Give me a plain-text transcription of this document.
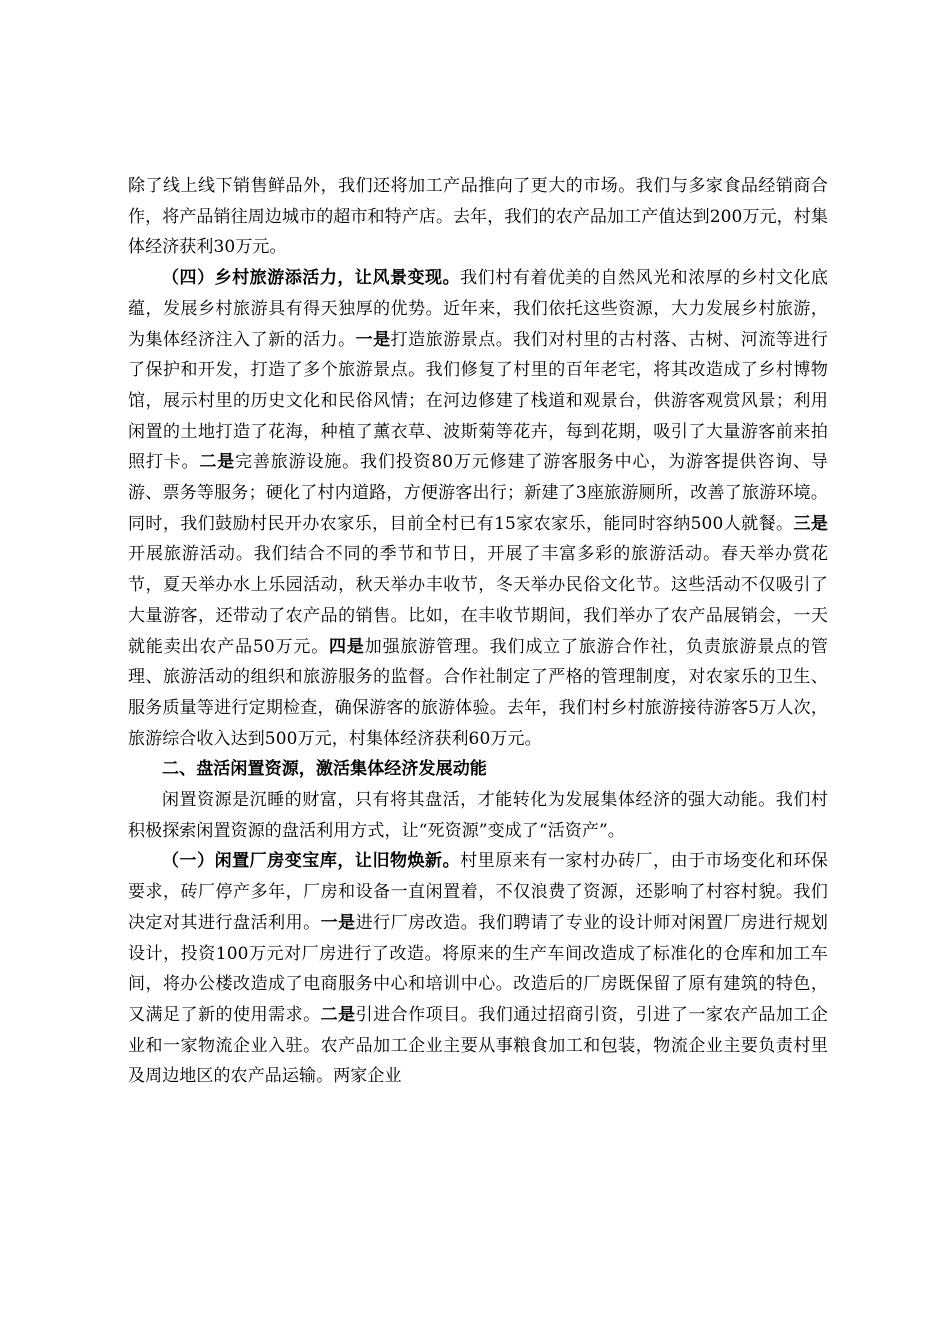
除了线上线下销售鲜品外，我们还将加工产品推向了更大的市场。我们与多家食品经销商合作，将产品销往周边城市的超市和特产店。去年，我们的农产品加工产值达到200万元，村集体经济获利30万元。

（四）乡村旅游添活力，让风景变现。我们村有着优美的自然风光和浓厚的乡村文化底蕴，发展乡村旅游具有得天独厚的优势。近年来，我们依托这些资源，大力发展乡村旅游，为集体经济注入了新的活力。一是打造旅游景点。我们对村里的古村落、古树、河流等进行了保护和开发，打造了多个旅游景点。我们修复了村里的百年老宅，将其改造成了乡村博物馆，展示村里的历史文化和民俗风情；在河边修建了栈道和观景台，供游客观赏风景；利用闲置的土地打造了花海，种植了薰衣草、波斯菊等花卉，每到花期，吸引了大量游客前来拍照打卡。二是完善旅游设施。我们投资80万元修建了游客服务中心，为游客提供咨询、导游、票务等服务；硬化了村内道路，方便游客出行；新建了3座旅游厕所，改善了旅游环境。同时，我们鼓励村民开办农家乐，目前全村已有15家农家乐，能同时容纳500人就餐。三是开展旅游活动。我们结合不同的季节和节日，开展了丰富多彩的旅游活动。春天举办赏花节，夏天举办水上乐园活动，秋天举办丰收节，冬天举办民俗文化节。这些活动不仅吸引了大量游客，还带动了农产品的销售。比如，在丰收节期间，我们举办了农产品展销会，一天就能卖出农产品50万元。四是加强旅游管理。我们成立了旅游合作社，负责旅游景点的管理、旅游活动的组织和旅游服务的监督。合作社制定了严格的管理制度，对农家乐的卫生、服务质量等进行定期检查，确保游客的旅游体验。去年，我们村乡村旅游接待游客5万人次，旅游综合收入达到500万元，村集体经济获利60万元。

二、盘活闲置资源，激活集体经济发展动能

闲置资源是沉睡的财富，只有将其盘活，才能转化为发展集体经济的强大动能。我们村积极探索闲置资源的盘活利用方式，让“死资源”变成了“活资产”。

（一）闲置厂房变宝库，让旧物焕新。村里原来有一家村办砖厂，由于市场变化和环保要求，砖厂停产多年，厂房和设备一直闲置着，不仅浪费了资源，还影响了村容村貌。我们决定对其进行盘活利用。一是进行厂房改造。我们聘请了专业的设计师对闲置厂房进行规划设计，投资100万元对厂房进行了改造。将原来的生产车间改造成了标准化的仓库和加工车间，将办公楼改造成了电商服务中心和培训中心。改造后的厂房既保留了原有建筑的特色，又满足了新的使用需求。二是引进合作项目。我们通过招商引资，引进了一家农产品加工企业和一家物流企业入驻。农产品加工企业主要从事粮食加工和包装，物流企业主要负责村里及周边地区的农产品运输。两家企业
